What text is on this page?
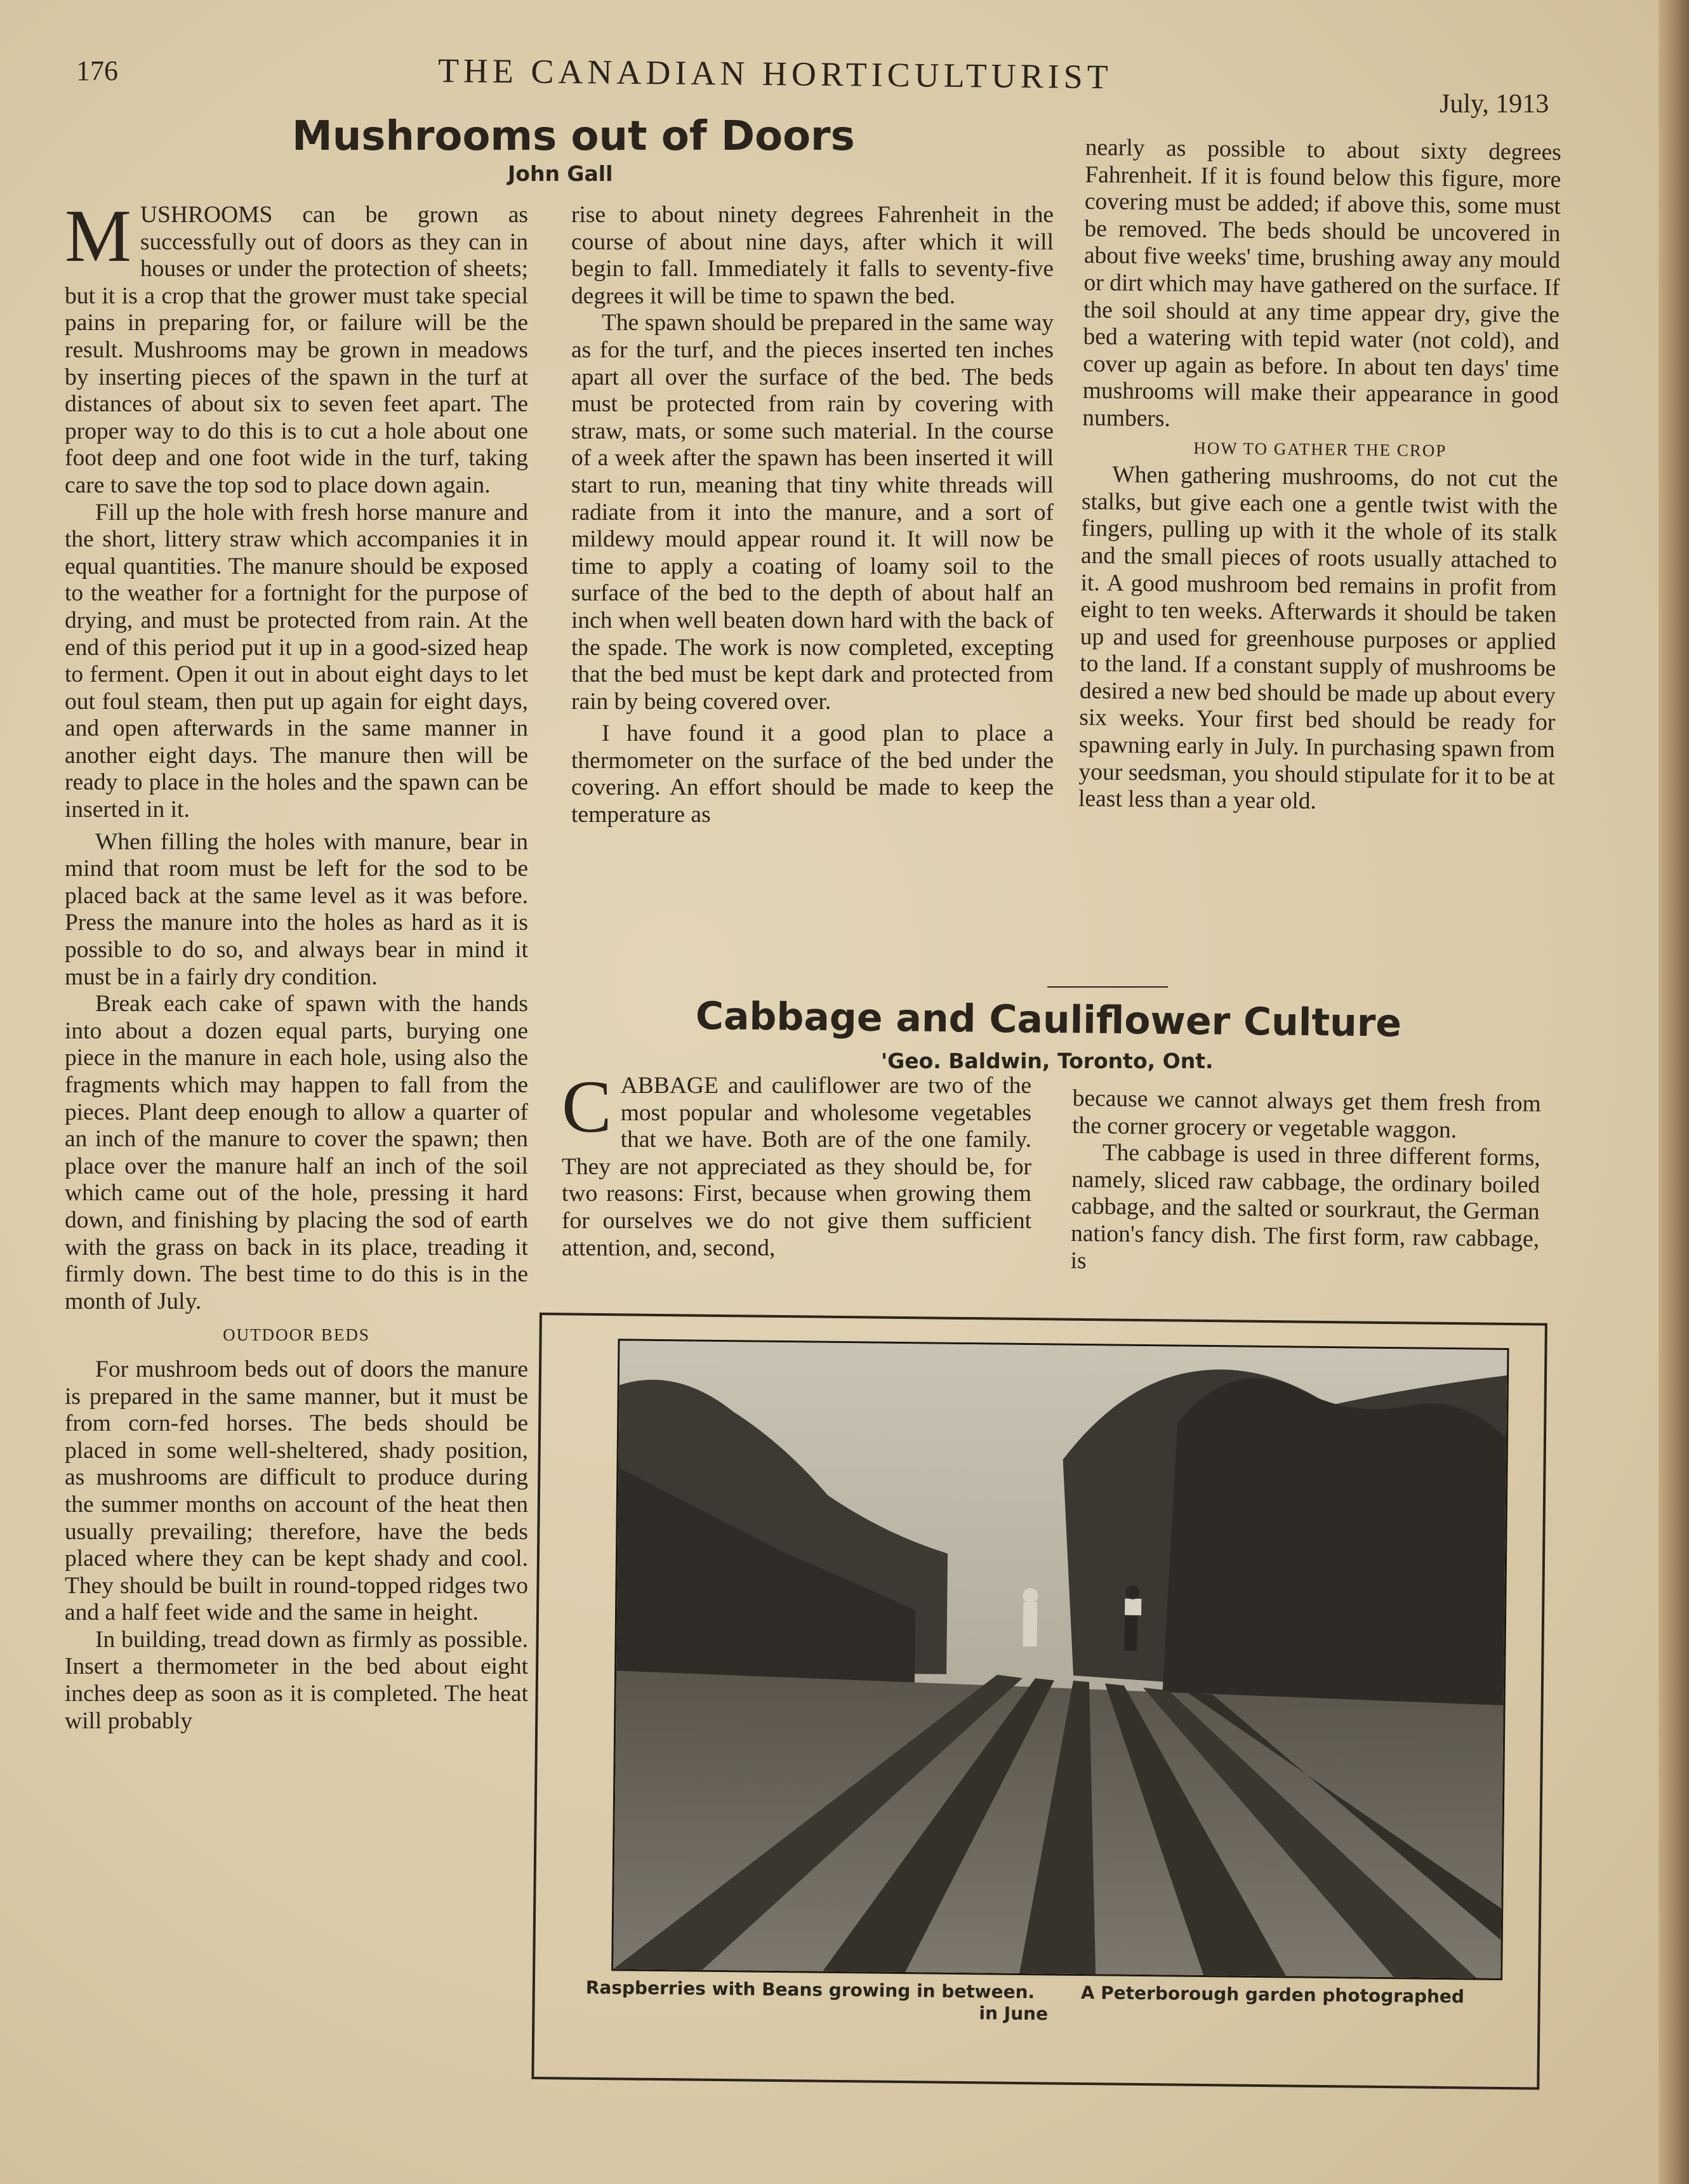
176	THE CANADIAN HORTICULTURIST
July, 1913
Mushrooms out of Doors
John Gall

MUSHROOMS can be grown as successfully out of doors as they can in houses or under the protection of sheets; but it is a crop that the grower must take special pains in preparing for, or failure will be the result. Mushrooms may be grown in meadows by inserting pieces of the spawn in the turf at distances of about six to seven feet apart. The proper way to do this is to cut a hole about one foot deep and one foot wide in the turf, taking care to save the top sod to place down again.

Fill up the hole with fresh horse manure and the short, littery straw which accompanies it in equal quantities. The manure should be exposed to the weather for a fortnight for the purpose of drying, and must be protected from rain. At the end of this period put it up in a good-sized heap to ferment. Open it out in about eight days to let out foul steam, then put up again for eight days, and open afterwards in the same manner in another eight days. The manure then will be ready to place in the holes and the spawn can be inserted in it.

When filling the holes with manure, bear in mind that room must be left for the sod to be placed back at the same level as it was before. Press the manure into the holes as hard as it is possible to do so, and always bear in mind it must be in a fairly dry condition.

Break each cake of spawn with the hands into about a dozen equal parts, burying one piece in the manure in each hole, using also the fragments which may happen to fall from the pieces. Plant deep enough to allow a quarter of an inch of the manure to cover the spawn; then place over the manure half an inch of the soil which came out of the hole, pressing it hard down, and finishing by placing the sod of earth with the grass on back in its place, treading it firmly down. The best time to do this is in the month of July.

OUTDOOR BEDS

For mushroom beds out of doors the manure is prepared in the same manner, but it must be from corn-fed horses. The beds should be placed in some well-sheltered, shady position, as mushrooms are difficult to produce during the summer months on account of the heat then usually prevailing; therefore, have the beds placed where they can be kept shady and cool. They should be built in round-topped ridges two and a half feet wide and the same in height.

In building, tread down as firmly as possible. Insert a thermometer in the bed about eight inches deep as soon as it is completed. The heat will probably

rise to about ninety degrees Fahrenheit in the course of about nine days, after which it will begin to fall. Immediately it falls to seventy-five degrees it will be time to spawn the bed.

The spawn should be prepared in the same way as for the turf, and the pieces inserted ten inches apart all over the surface of the bed. The beds must be protected from rain by covering with straw, mats, or some such material. In the course of a week after the spawn has been inserted it will start to run, meaning that tiny white threads will radiate from it into the manure, and a sort of mildewy mould appear round it. It will now be time to apply a coating of loamy soil to the surface of the bed to the depth of about half an inch when well beaten down hard with the back of the spade. The work is now completed, excepting that the bed must be kept dark and protected from rain by being covered over.

I have found it a good plan to place a thermometer on the surface of the bed under the covering. An effort should be made to keep the temperature as

nearly as possible to about sixty degrees Fahrenheit. If it is found below this figure, more covering must be added; if above this, some must be removed. The beds should be uncovered in about five weeks' time, brushing away any mould or dirt which may have gathered on the surface. If the soil should at any time appear dry, give the bed a watering with tepid water (not cold), and cover up again as before. In about ten days' time mushrooms will make their appearance in good numbers.

HOW TO GATHER THE CROP

When gathering mushrooms, do not cut the stalks, but give each one a gentle twist with the fingers, pulling up with it the whole of its stalk and the small pieces of roots usually attached to it. A good mushroom bed remains in profit from eight to ten weeks. Afterwards it should be taken up and used for greenhouse purposes or applied to the land. If a constant supply of mushrooms be desired a new bed should be made up about every six weeks. Your first bed should be ready for spawning early in July. In purchasing spawn from your seedsman, you should stipulate for it to be at least less than a year old.

Cabbage and Cauliflower Culture
'Geo. Baldwin, Toronto, Ont.

CABBAGE and cauliflower are two of the most popular and wholesome vegetables that we have. Both are of the one family. They are not appreciated as they should be, for two reasons: First, because when growing them for ourselves we do not give them sufficient attention, and, second,

because we cannot always get them fresh from the corner grocery or vegetable waggon.

The cabbage is used in three different forms, namely, sliced raw cabbage, the ordinary boiled cabbage, and the salted or sourkraut, the German nation's fancy dish. The first form, raw cabbage, is

Raspberries with Beans growing in between.
in June
A Peterborough garden photographed
